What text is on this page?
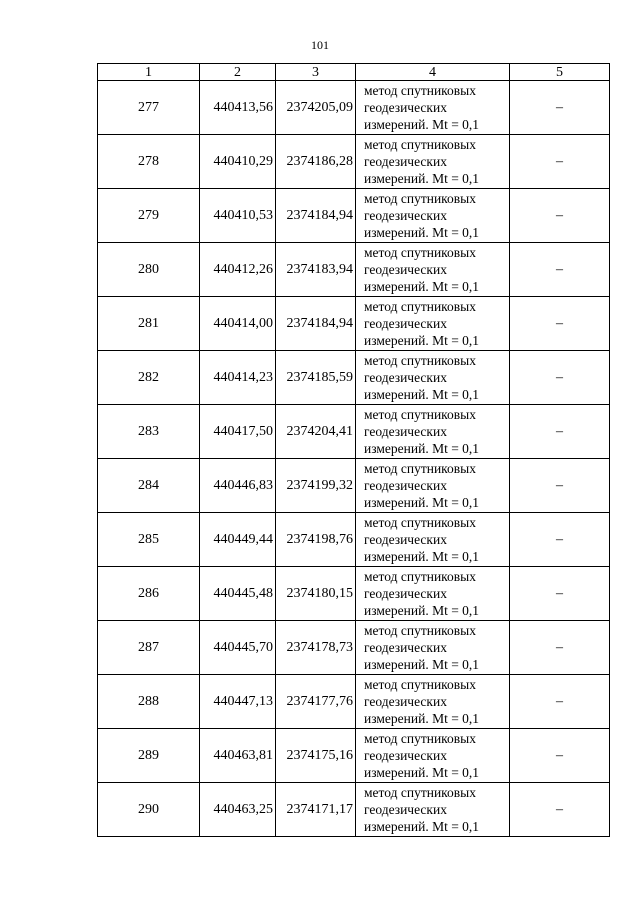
101
1	2	3	4	5
277	440413,56	2374205,09	метод спутниковых
геодезических
измерений. Mt = 0,1	–
278	440410,29	2374186,28	метод спутниковых
геодезических
измерений. Mt = 0,1	–
279	440410,53	2374184,94	метод спутниковых
геодезических
измерений. Mt = 0,1	–
280	440412,26	2374183,94	метод спутниковых
геодезических
измерений. Mt = 0,1	–
281	440414,00	2374184,94	метод спутниковых
геодезических
измерений. Mt = 0,1	–
282	440414,23	2374185,59	метод спутниковых
геодезических
измерений. Mt = 0,1	–
283	440417,50	2374204,41	метод спутниковых
геодезических
измерений. Mt = 0,1	–
284	440446,83	2374199,32	метод спутниковых
геодезических
измерений. Mt = 0,1	–
285	440449,44	2374198,76	метод спутниковых
геодезических
измерений. Mt = 0,1	–
286	440445,48	2374180,15	метод спутниковых
геодезических
измерений. Mt = 0,1	–
287	440445,70	2374178,73	метод спутниковых
геодезических
измерений. Mt = 0,1	–
288	440447,13	2374177,76	метод спутниковых
геодезических
измерений. Mt = 0,1	–
289	440463,81	2374175,16	метод спутниковых
геодезических
измерений. Mt = 0,1	–
290	440463,25	2374171,17	метод спутниковых
геодезических
измерений. Mt = 0,1	–
